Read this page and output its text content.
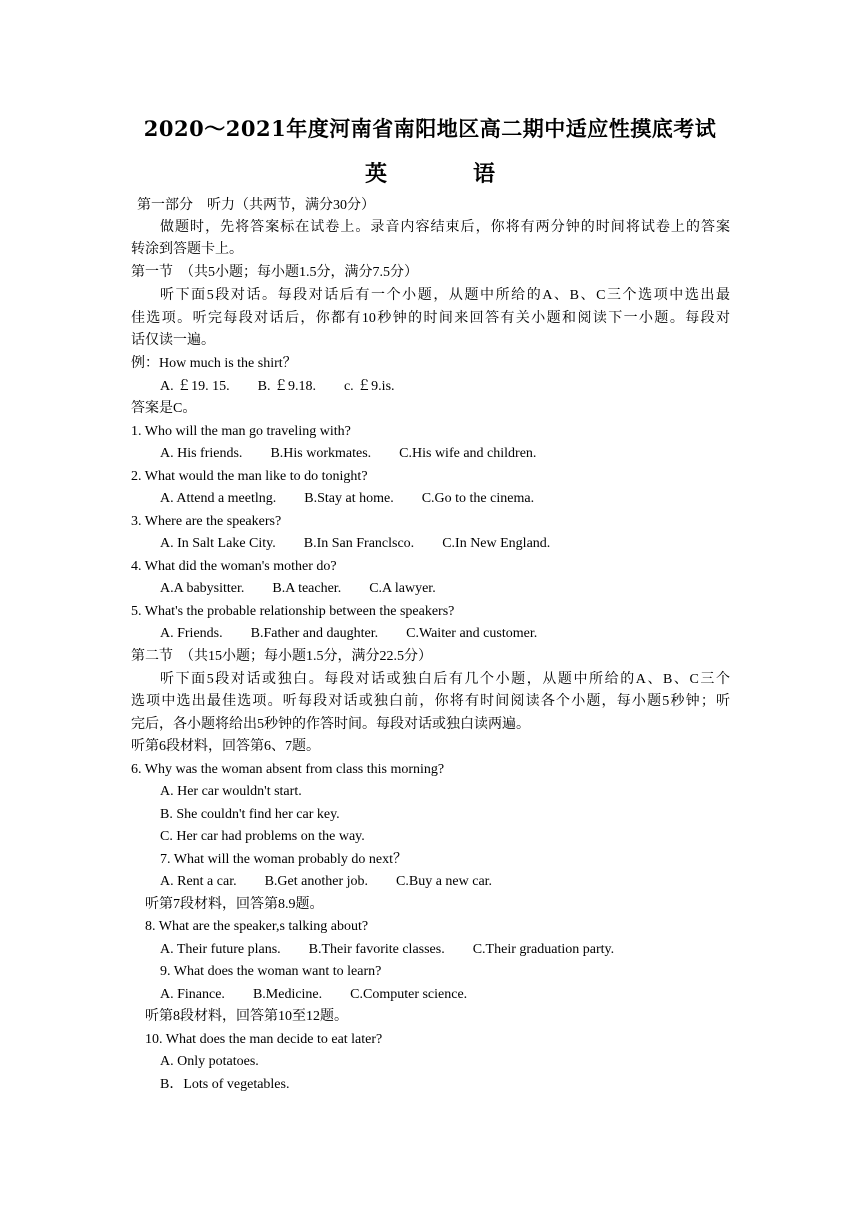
2020～2021年度河南省南阳地区高二期中适应性摸底考试
英　语
第一部分　听力（共两节，满分30分）
做题时，先将答案标在试卷上。录音内容结束后，你将有两分钟的时间将试卷上的答案
转涂到答题卡上。
第一节　（共5小题；每小题1.5分，满分7.5分）
听下面5段对话。每段对话后有一个小题，从题中所给的A、B、C三个选项中选出最
佳选项。听完每段对话后，你都有10秒钟的时间来回答有关小题和阅读下一小题。每段对
话仅读一遍。
例：How much is the shirt？
A. ￡19. 15. B. ￡9.18. c. ￡9.is.
答案是C。
1. Who will the man go traveling with?
A. His friends. B.His workmates. C.His wife and children.
2. What would the man like to do tonight?
A. Attend a meetlng. B.Stay at home. C.Go to the cinema.
3. Where are the speakers?
A. In Salt Lake City. B.In San Franclsco. C.In New England.
4. What did the woman's mother do?
A.A babysitter. B.A teacher. C.A lawyer.
5. What's the probable relationship between the speakers?
A. Friends. B.Father and daughter. C.Waiter and customer.
第二节　（共15小题；每小题1.5分，满分22.5分）
听下面5段对话或独白。每段对话或独白后有几个小题，从题中所给的A、B、C三个
选项中选出最佳选项。听每段对话或独白前，你将有时间阅读各个小题，每小题5秒钟；听
完后，各小题将给出5秒钟的作答时间。每段对话或独白读两遍。
听第6段材料，回答第6、7题。
6. Why was the woman absent from class this morning?
A. Her car wouldn't start.
B. She couldn't find her car key.
C. Her car had problems on the way.
7. What will the woman probably do next？
A. Rent a car. B.Get another job. C.Buy a new car.
听第7段材料，回答第8.9题。
8. What are the speaker,s talking about?
A. Their future plans. B.Their favorite classes. C.Their graduation party.
9. What does the woman want to learn?
A. Finance. B.Medicine. C.Computer science.
听第8段材料，回答第10至12题。
10. What does the man decide to eat later?
A. Only potatoes.
B．Lots of vegetables.
